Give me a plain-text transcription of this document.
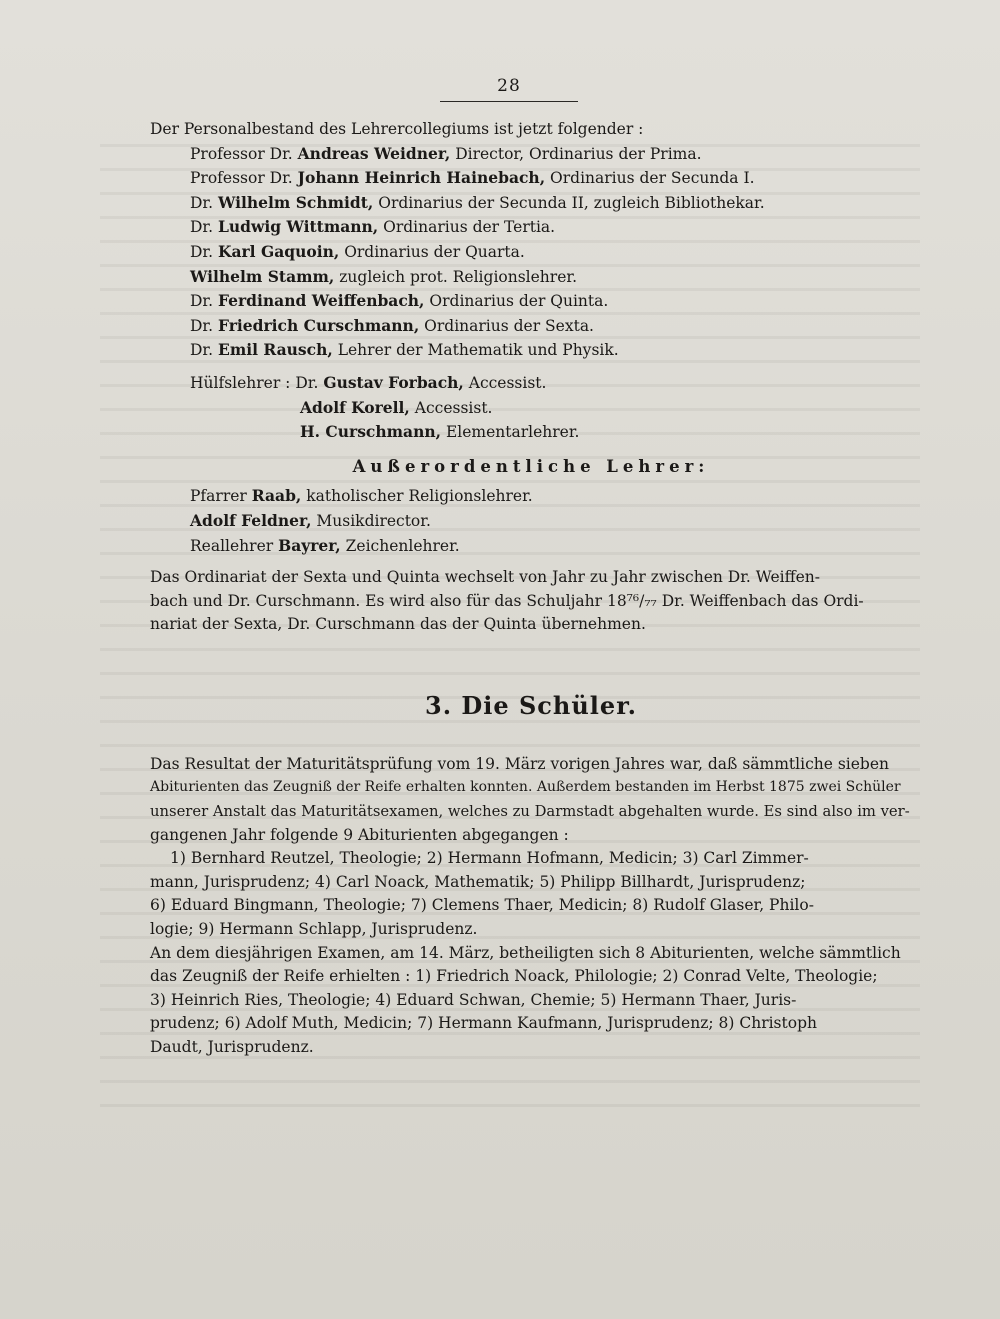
28
Der Personalbestand des Lehrercollegiums ist jetzt folgender :
Professor Dr. Andreas Weidner, Director, Ordinarius der Prima.
Professor Dr. Johann Heinrich Hainebach, Ordinarius der Secunda I.
Dr. Wilhelm Schmidt, Ordinarius der Secunda II, zugleich Bibliothekar.
Dr. Ludwig Wittmann, Ordinarius der Tertia.
Dr. Karl Gaquoin, Ordinarius der Quarta.
Wilhelm Stamm, zugleich prot. Religionslehrer.
Dr. Ferdinand Weiffenbach, Ordinarius der Quinta.
Dr. Friedrich Curschmann, Ordinarius der Sexta.
Dr. Emil Rausch, Lehrer der Mathematik und Physik.
Hülfslehrer : Dr. Gustav Forbach, Accessist.
Adolf Korell, Accessist.
H. Curschmann, Elementarlehrer.
Außerordentliche Lehrer:
Pfarrer Raab, katholischer Religionslehrer.
Adolf Feldner, Musikdirector.
Reallehrer Bayrer, Zeichenlehrer.
Das Ordinariat der Sexta und Quinta wechselt von Jahr zu Jahr zwischen Dr. Weiffen-
bach und Dr. Curschmann. Es wird also für das Schuljahr 18⁷⁶/₇₇ Dr. Weiffenbach das Ordi-
nariat der Sexta, Dr. Curschmann das der Quinta übernehmen.
3. Die Schüler.
Das Resultat der Maturitätsprüfung vom 19. März vorigen Jahres war, daß sämmtliche sieben
Abiturienten das Zeugniß der Reife erhalten konnten. Außerdem bestanden im Herbst 1875 zwei Schüler
unserer Anstalt das Maturitätsexamen, welches zu Darmstadt abgehalten wurde. Es sind also im ver-
gangenen Jahr folgende 9 Abiturienten abgegangen :
1) Bernhard Reutzel, Theologie; 2) Hermann Hofmann, Medicin; 3) Carl Zimmer-
mann, Jurisprudenz; 4) Carl Noack, Mathematik; 5) Philipp Billhardt, Jurisprudenz;
6) Eduard Bingmann, Theologie; 7) Clemens Thaer, Medicin; 8) Rudolf Glaser, Philo-
logie; 9) Hermann Schlapp, Jurisprudenz.
An dem diesjährigen Examen, am 14. März, betheiligten sich 8 Abiturienten, welche sämmtlich
das Zeugniß der Reife erhielten : 1) Friedrich Noack, Philologie; 2) Conrad Velte, Theologie;
3) Heinrich Ries, Theologie; 4) Eduard Schwan, Chemie; 5) Hermann Thaer, Juris-
prudenz; 6) Adolf Muth, Medicin; 7) Hermann Kaufmann, Jurisprudenz; 8) Christoph
Daudt, Jurisprudenz.
